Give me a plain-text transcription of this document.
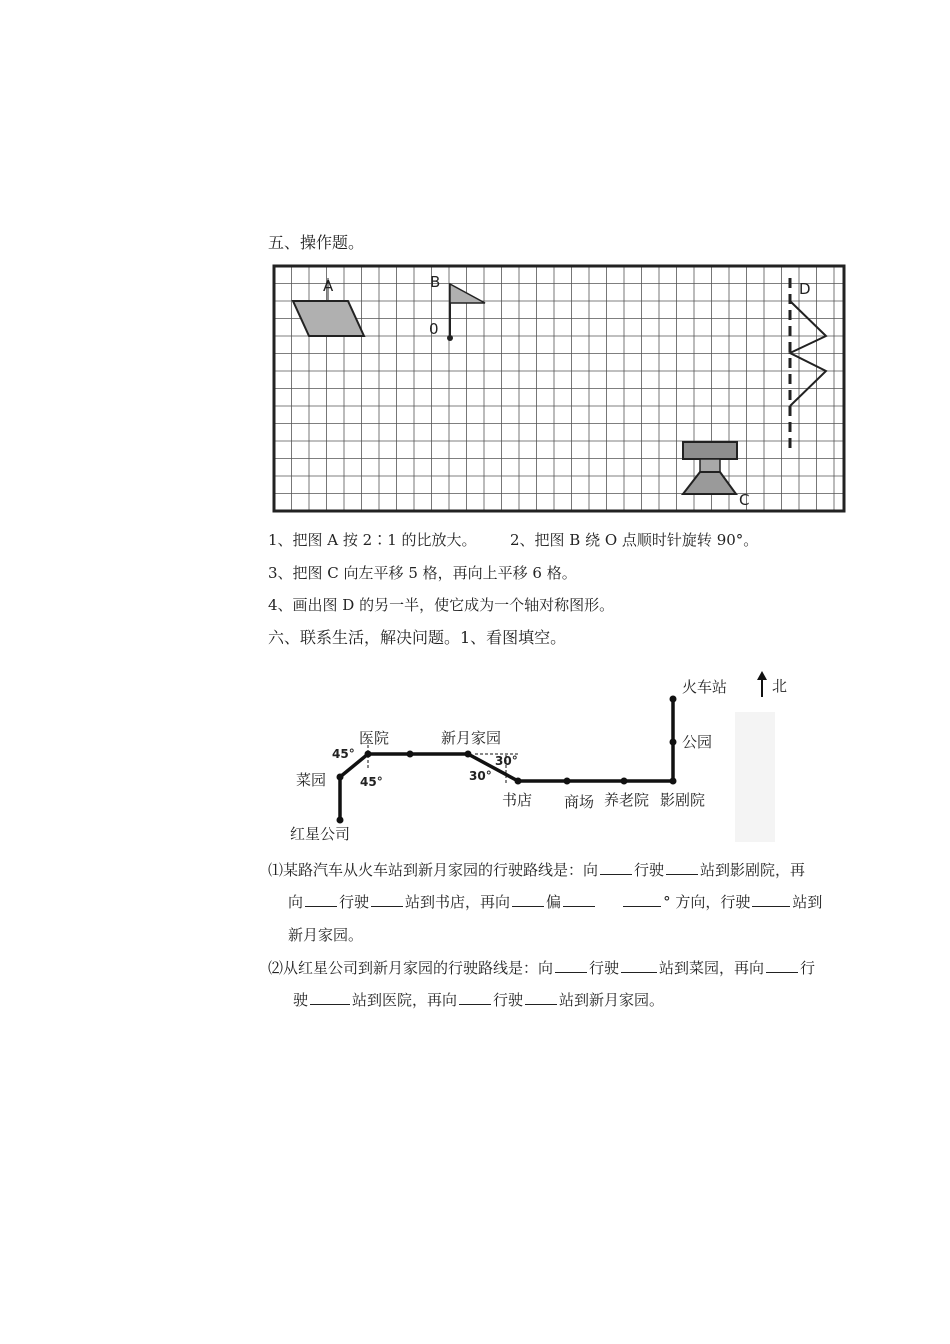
五、操作题。
A	B
0
C
D
1、把图 A 按 2∶1 的比放大。 2、把图 B 绕 O 点顺时针旋转 90°。
3、把图 C 向左平移 5 格，再向上平移 6 格。
4、画出图 D 的另一半，使它成为一个轴对称图形。
六、联系生活，解决问题。1、看图填空。
北
火车站
公园
影剧院
养老院
商场
书店
新月家园
医院
菜园
红星公司
45°
45°
30°
30°
⑴某路汽车从火车站到新月家园的行驶路线是：向 行驶 站到影剧院，再
向 行驶 站到书店，再向 偏	° 方向，行驶	站到
新月家园。
⑵从红星公司到新月家园的行驶路线是：向 行驶	站到菜园，再向 行
驶	站到医院，再向 行驶 站到新月家园。
